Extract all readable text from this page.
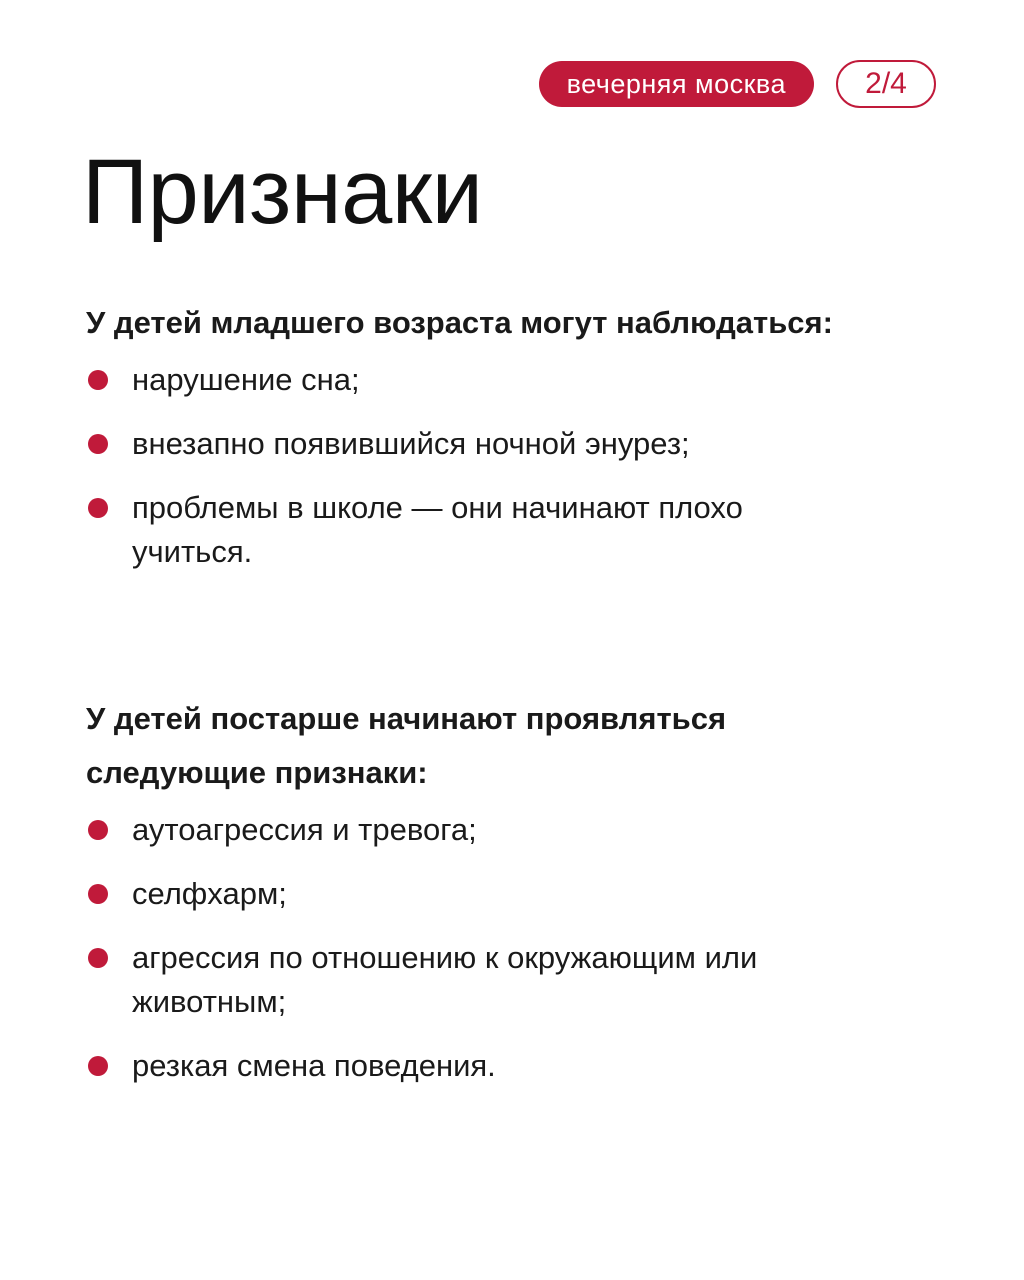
вечерняя москва	2/4
Признаки

У детей младшего возраста могут наблюдаться:

нарушение сна;
внезапно появившийся ночной энурез;
проблемы в школе — они начинают плохо учиться.

У детей постарше начинают проявляться следующие признаки:

аутоагрессия и тревога;
селфхарм;
агрессия по отношению к окружающим или животным;
резкая смена поведения.
